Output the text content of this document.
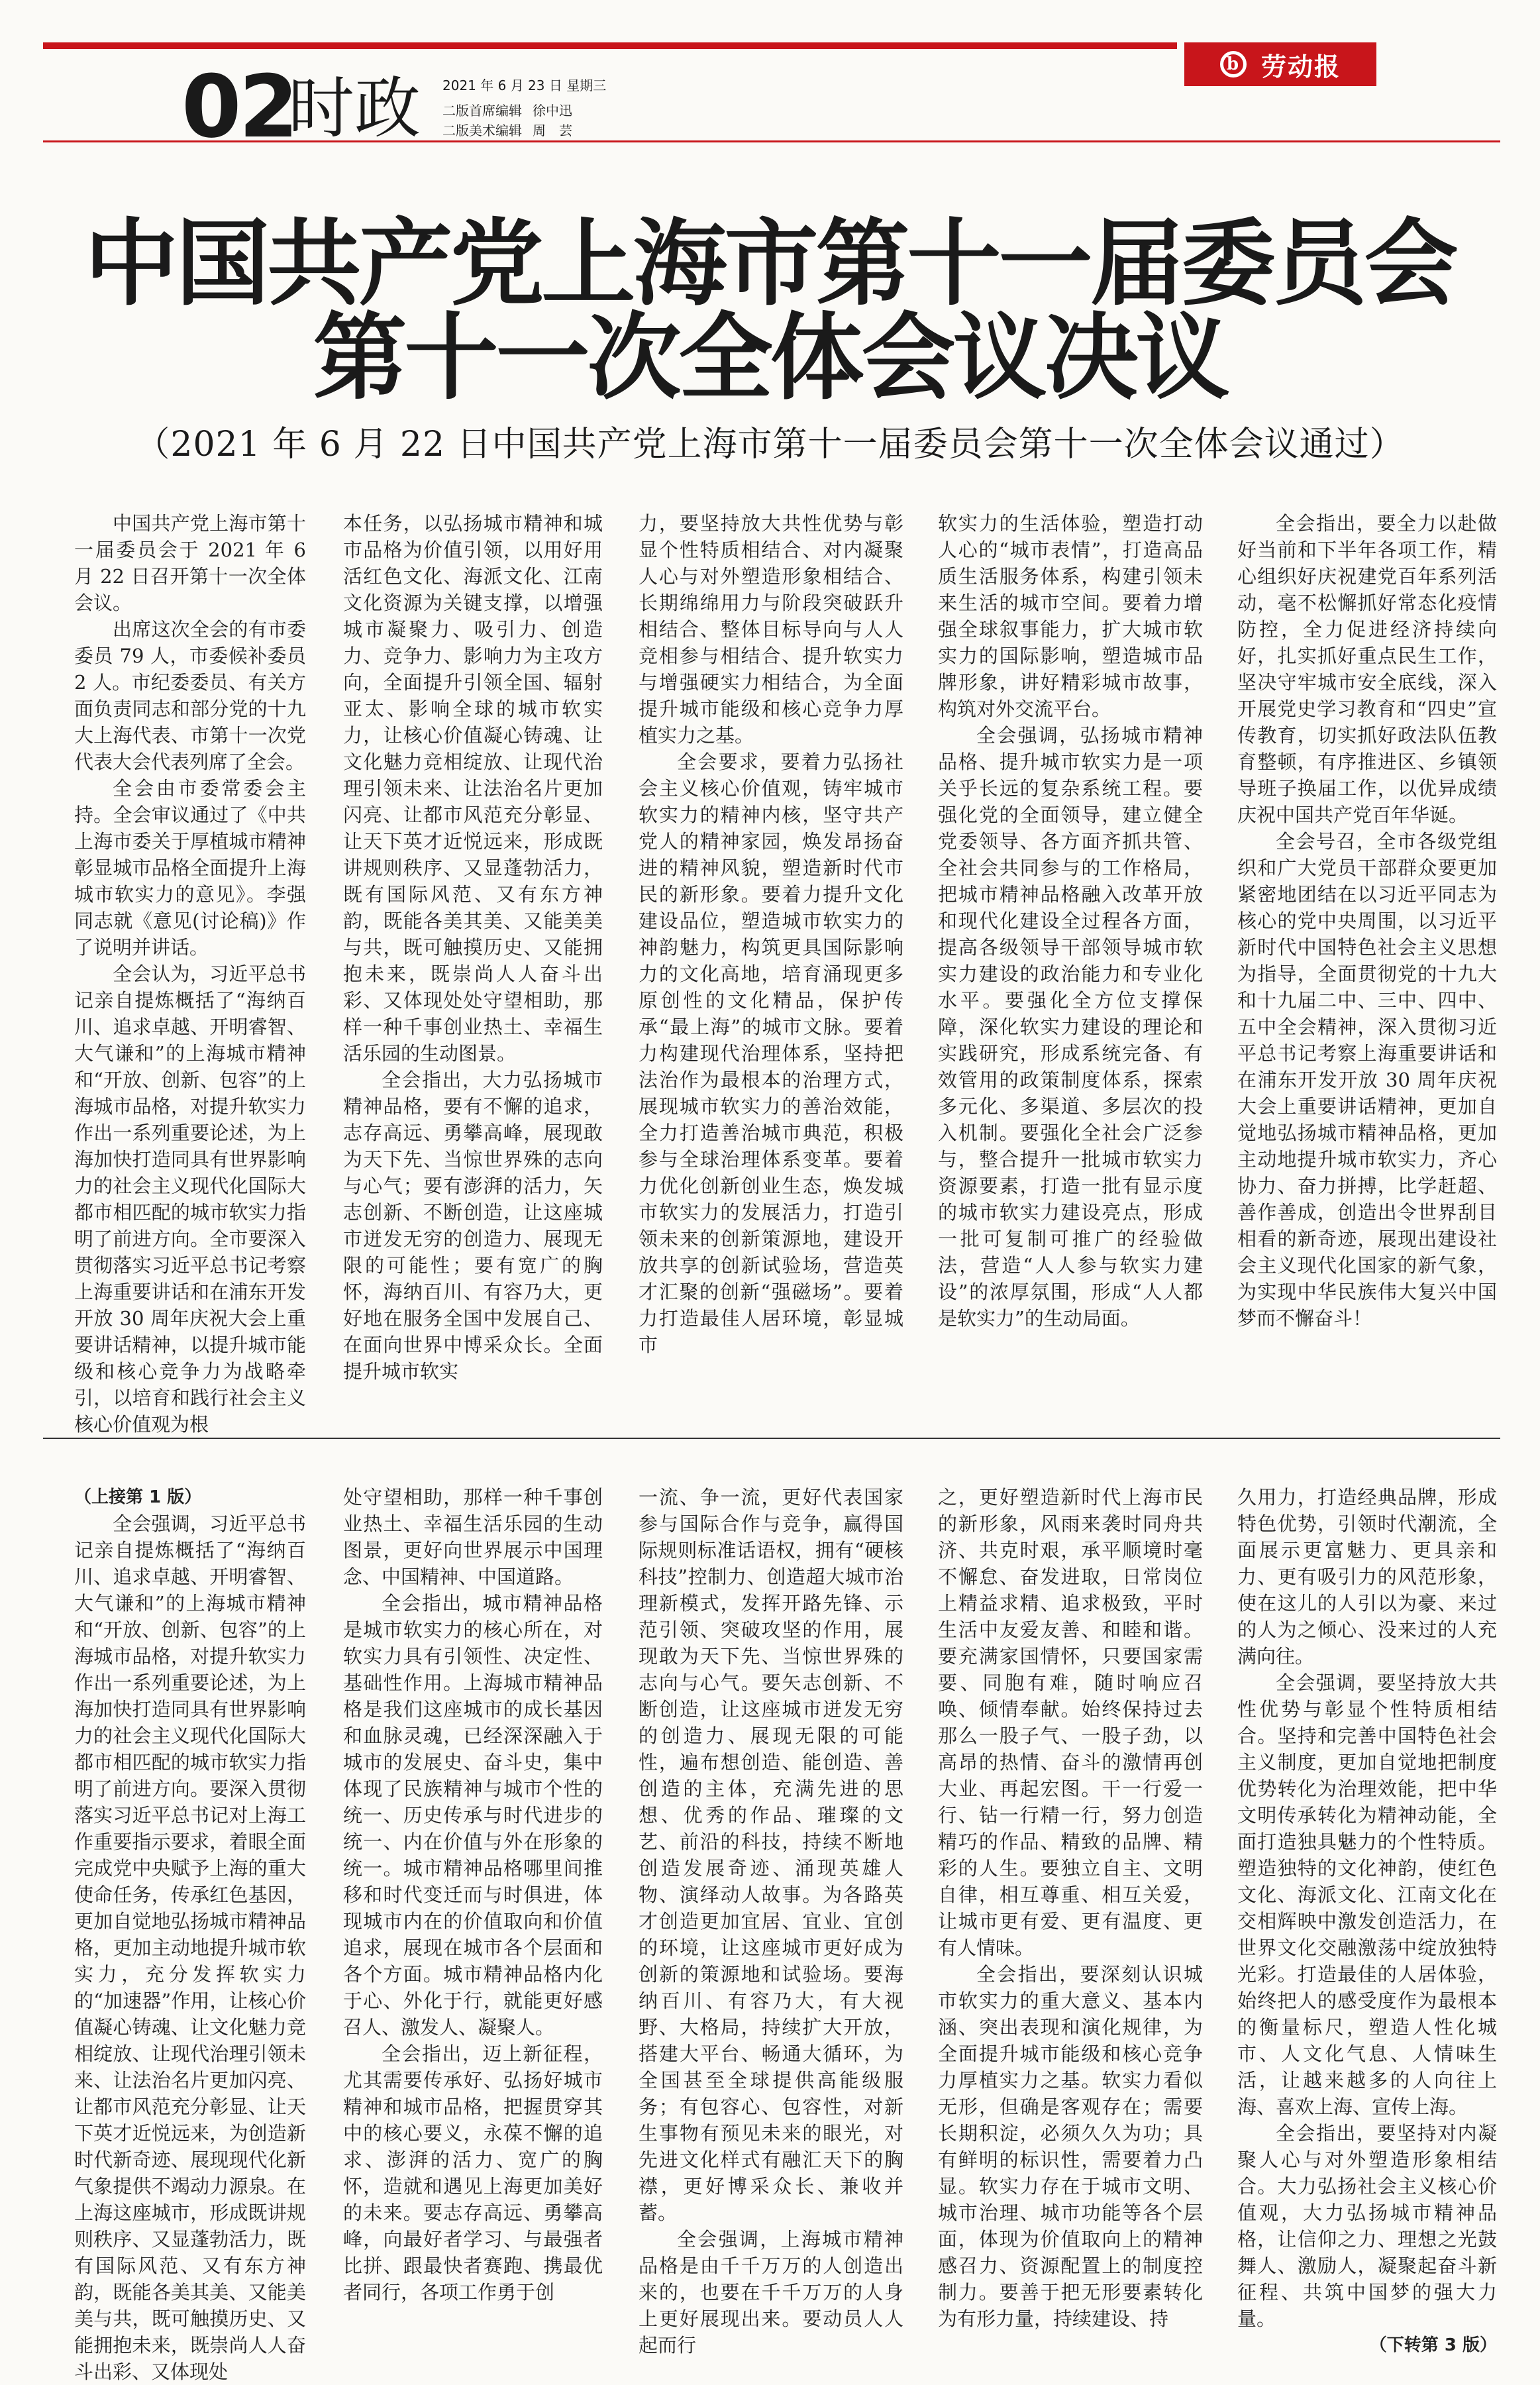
b 劳动报
02
时政 2021 年 6 月 23 日 星期三
二版首席编辑 徐中迅
二版美术编辑 周　芸
中国共产党上海市第十一届委员会
第十一次全体会议决议
（2021 年 6 月 22 日中国共产党上海市第十一届委员会第十一次全体会议通过）

中国共产党上海市第十一届委员会于 2021 年 6 月 22 日召开第十一次全体会议。

出席这次全会的有市委委员 79 人，市委候补委员 2 人。市纪委委员、有关方面负责同志和部分党的十九大上海代表、市第十一次党代表大会代表列席了全会。

全会由市委常委会主持。全会审议通过了《中共上海市委关于厚植城市精神彰显城市品格全面提升上海城市软实力的意见》。李强同志就《意见(讨论稿)》作了说明并讲话。

全会认为，习近平总书记亲自提炼概括了“海纳百川、追求卓越、开明睿智、大气谦和”的上海城市精神和“开放、创新、包容”的上海城市品格，对提升软实力作出一系列重要论述，为上海加快打造同具有世界影响力的社会主义现代化国际大都市相匹配的城市软实力指明了前进方向。全市要深入贯彻落实习近平总书记考察上海重要讲话和在浦东开发开放 30 周年庆祝大会上重要讲话精神，以提升城市能级和核心竞争力为战略牵引，以培育和践行社会主义核心价值观为根

本任务，以弘扬城市精神和城市品格为价值引领，以用好用活红色文化、海派文化、江南文化资源为关键支撑，以增强城市凝聚力、吸引力、创造力、竞争力、影响力为主攻方向，全面提升引领全国、辐射亚太、影响全球的城市软实力，让核心价值凝心铸魂、让文化魅力竞相绽放、让现代治理引领未来、让法治名片更加闪亮、让都市风范充分彰显、让天下英才近悦远来，形成既讲规则秩序、又显蓬勃活力，既有国际风范、又有东方神韵，既能各美其美、又能美美与共，既可触摸历史、又能拥抱未来，既崇尚人人奋斗出彩、又体现处处守望相助，那样一种千事创业热土、幸福生活乐园的生动图景。

全会指出，大力弘扬城市精神品格，要有不懈的追求，志存高远、勇攀高峰，展现敢为天下先、当惊世界殊的志向与心气；要有澎湃的活力，矢志创新、不断创造，让这座城市迸发无穷的创造力、展现无限的可能性；要有宽广的胸怀，海纳百川、有容乃大，更好地在服务全国中发展自己、在面向世界中博采众长。全面提升城市软实

力，要坚持放大共性优势与彰显个性特质相结合、对内凝聚人心与对外塑造形象相结合、长期绵绵用力与阶段突破跃升相结合、整体目标导向与人人竞相参与相结合、提升软实力与增强硬实力相结合，为全面提升城市能级和核心竞争力厚植实力之基。

全会要求，要着力弘扬社会主义核心价值观，铸牢城市软实力的精神内核，坚守共产党人的精神家园，焕发昂扬奋进的精神风貌，塑造新时代市民的新形象。要着力提升文化建设品位，塑造城市软实力的神韵魅力，构筑更具国际影响力的文化高地，培育涌现更多原创性的文化精品，保护传承“最上海”的城市文脉。要着力构建现代治理体系，坚持把法治作为最根本的治理方式，展现城市软实力的善治效能，全力打造善治城市典范，积极参与全球治理体系变革。要着力优化创新创业生态，焕发城市软实力的发展活力，打造引领未来的创新策源地，建设开放共享的创新试验场，营造英才汇聚的创新“强磁场”。要着力打造最佳人居环境，彰显城市

软实力的生活体验，塑造打动人心的“城市表情”，打造高品质生活服务体系，构建引领未来生活的城市空间。要着力增强全球叙事能力，扩大城市软实力的国际影响，塑造城市品牌形象，讲好精彩城市故事，构筑对外交流平台。

全会强调，弘扬城市精神品格、提升城市软实力是一项关乎长远的复杂系统工程。要强化党的全面领导，建立健全党委领导、各方面齐抓共管、全社会共同参与的工作格局，把城市精神品格融入改革开放和现代化建设全过程各方面，提高各级领导干部领导城市软实力建设的政治能力和专业化水平。要强化全方位支撑保障，深化软实力建设的理论和实践研究，形成系统完备、有效管用的政策制度体系，探索多元化、多渠道、多层次的投入机制。要强化全社会广泛参与，整合提升一批城市软实力资源要素，打造一批有显示度的城市软实力建设亮点，形成一批可复制可推广的经验做法，营造“人人参与软实力建设”的浓厚氛围，形成“人人都是软实力”的生动局面。

全会指出，要全力以赴做好当前和下半年各项工作，精心组织好庆祝建党百年系列活动，毫不松懈抓好常态化疫情防控，全力促进经济持续向好，扎实抓好重点民生工作，坚决守牢城市安全底线，深入开展党史学习教育和“四史”宣传教育，切实抓好政法队伍教育整顿，有序推进区、乡镇领导班子换届工作，以优异成绩庆祝中国共产党百年华诞。

全会号召，全市各级党组织和广大党员干部群众要更加紧密地团结在以习近平同志为核心的党中央周围，以习近平新时代中国特色社会主义思想为指导，全面贯彻党的十九大和十九届二中、三中、四中、五中全会精神，深入贯彻习近平总书记考察上海重要讲话和在浦东开发开放 30 周年庆祝大会上重要讲话精神，更加自觉地弘扬城市精神品格，更加主动地提升城市软实力，齐心协力、奋力拼搏，比学赶超、善作善成，创造出令世界刮目相看的新奇迹，展现出建设社会主义现代化国家的新气象，为实现中华民族伟大复兴中国梦而不懈奋斗！

（上接第 1 版）

全会强调，习近平总书记亲自提炼概括了“海纳百川、追求卓越、开明睿智、大气谦和”的上海城市精神和“开放、创新、包容”的上海城市品格，对提升软实力作出一系列重要论述，为上海加快打造同具有世界影响力的社会主义现代化国际大都市相匹配的城市软实力指明了前进方向。要深入贯彻落实习近平总书记对上海工作重要指示要求，着眼全面完成党中央赋予上海的重大使命任务，传承红色基因，更加自觉地弘扬城市精神品格，更加主动地提升城市软实力，充分发挥软实力的“加速器”作用，让核心价值凝心铸魂、让文化魅力竞相绽放、让现代治理引领未来、让法治名片更加闪亮、让都市风范充分彰显、让天下英才近悦远来，为创造新时代新奇迹、展现现代化新气象提供不竭动力源泉。在上海这座城市，形成既讲规则秩序、又显蓬勃活力，既有国际风范、又有东方神韵，既能各美其美、又能美美与共，既可触摸历史、又能拥抱未来，既崇尚人人奋斗出彩、又体现处

处守望相助，那样一种千事创业热土、幸福生活乐园的生动图景，更好向世界展示中国理念、中国精神、中国道路。

全会指出，城市精神品格是城市软实力的核心所在，对软实力具有引领性、决定性、基础性作用。上海城市精神品格是我们这座城市的成长基因和血脉灵魂，已经深深融入于城市的发展史、奋斗史，集中体现了民族精神与城市个性的统一、历史传承与时代进步的统一、内在价值与外在形象的统一。城市精神品格哪里间推移和时代变迁而与时俱进，体现城市内在的价值取向和价值追求，展现在城市各个层面和各个方面。城市精神品格内化于心、外化于行，就能更好感召人、激发人、凝聚人。

全会指出，迈上新征程，尤其需要传承好、弘扬好城市精神和城市品格，把握贯穿其中的核心要义，永葆不懈的追求、澎湃的活力、宽广的胸怀，造就和遇见上海更加美好的未来。要志存高远、勇攀高峰，向最好者学习、与最强者比拼、跟最快者赛跑、携最优者同行，各项工作勇于创

一流、争一流，更好代表国家参与国际合作与竞争，赢得国际规则标准话语权，拥有“硬核科技”控制力、创造超大城市治理新模式，发挥开路先锋、示范引领、突破攻坚的作用，展现敢为天下先、当惊世界殊的志向与心气。要矢志创新、不断创造，让这座城市迸发无穷的创造力、展现无限的可能性，遍布想创造、能创造、善创造的主体，充满先进的思想、优秀的作品、璀璨的文艺、前沿的科技，持续不断地创造发展奇迹、涌现英雄人物、演绎动人故事。为各路英才创造更加宜居、宜业、宜创的环境，让这座城市更好成为创新的策源地和试验场。要海纳百川、有容乃大，有大视野、大格局，持续扩大开放，搭建大平台、畅通大循环，为全国甚至全球提供高能级服务；有包容心、包容性，对新生事物有预见未来的眼光，对先进文化样式有融汇天下的胸襟，更好博采众长、兼收并蓄。

全会强调，上海城市精神品格是由千千万万的人创造出来的，也要在千千万万的人身上更好展现出来。要动员人人起而行

之，更好塑造新时代上海市民的新形象，风雨来袭时同舟共济、共克时艰，承平顺境时毫不懈怠、奋发进取，日常岗位上精益求精、追求极致，平时生活中友爱友善、和睦和谐。要充满家国情怀，只要国家需要、同胞有难，随时响应召唤、倾情奉献。始终保持过去那么一股子气、一股子劲，以高昂的热情、奋斗的激情再创大业、再起宏图。干一行爱一行、钻一行精一行，努力创造精巧的作品、精致的品牌、精彩的人生。要独立自主、文明自律，相互尊重、相互关爱，让城市更有爱、更有温度、更有人情味。

全会指出，要深刻认识城市软实力的重大意义、基本内涵、突出表现和演化规律，为全面提升城市能级和核心竞争力厚植实力之基。软实力看似无形，但确是客观存在；需要长期积淀，必须久久为功；具有鲜明的标识性，需要着力凸显。软实力存在于城市文明、城市治理、城市功能等各个层面，体现为价值取向上的精神感召力、资源配置上的制度控制力。要善于把无形要素转化为有形力量，持续建设、持

久用力，打造经典品牌，形成特色优势，引领时代潮流，全面展示更富魅力、更具亲和力、更有吸引力的风范形象，使在这儿的人引以为豪、来过的人为之倾心、没来过的人充满向往。

全会强调，要坚持放大共性优势与彰显个性特质相结合。坚持和完善中国特色社会主义制度，更加自觉地把制度优势转化为治理效能，把中华文明传承转化为精神动能，全面打造独具魅力的个性特质。塑造独特的文化神韵，使红色文化、海派文化、江南文化在交相辉映中激发创造活力，在世界文化交融激荡中绽放独特光彩。打造最佳的人居体验，始终把人的感受度作为最根本的衡量标尺，塑造人性化城市、人文化气息、人情味生活，让越来越多的人向往上海、喜欢上海、宣传上海。

全会指出，要坚持对内凝聚人心与对外塑造形象相结合。大力弘扬社会主义核心价值观，大力弘扬城市精神品格，让信仰之力、理想之光鼓舞人、激励人，凝聚起奋斗新征程、共筑中国梦的强大力量。

（下转第 3 版）
